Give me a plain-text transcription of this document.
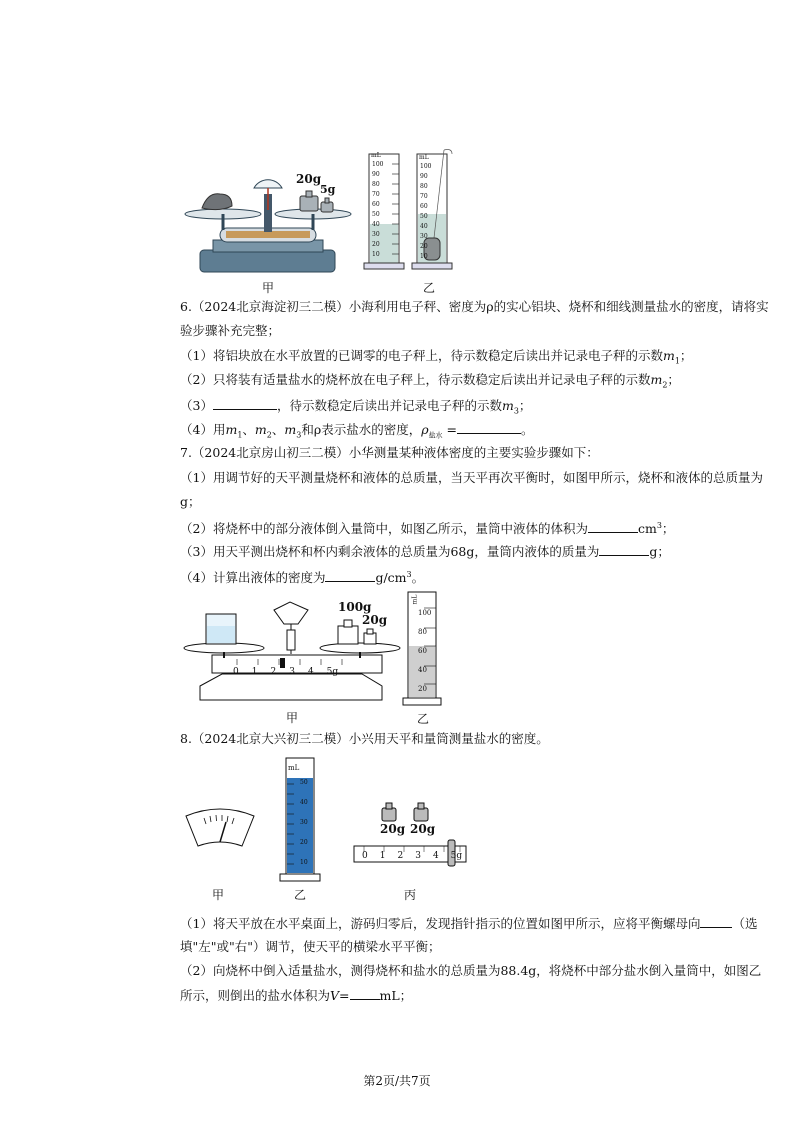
20g
5g
甲
mL
100
90
80
70
60
50
40
30
20
10
mL
100
90
80
70
60
50
40
30
20
10
乙
6.（2024北京海淀初三二模）小海利用电子秤、密度为ρ的实心铝块、烧杯和细线测量盐水的密度，请将实
验步骤补充完整；
（1）将铝块放在水平放置的已调零的电子秤上，待示数稳定后读出并记录电子秤的示数$m_1$；
（2）只将装有适量盐水的烧杯放在电子秤上，待示数稳定后读出并记录电子秤的示数$m_2$；
（3）	，待示数稳定后读出并记录电子秤的示数$m_3$；
（4）用$m_1$、$m_2$、$m_3$和ρ表示盐水的密度，$\rho_{盐水}$ =	。
7.（2024北京房山初三二模）小华测量某种液体密度的主要实验步骤如下：
（1）用调节好的天平测量烧杯和液体的总质量，当天平再次平衡时，如图甲所示，烧杯和液体的总质量为
g；
（2）将烧杯中的部分液体倒入量筒中，如图乙所示，量筒中液体的体积为	$cm^3$；
（3）用天平测出烧杯和杯内剩余液体的总质量为68g，量筒内液体的质量为	g；
（4）计算出液体的密度为	$g/cm^3$。
100g
20g
0 1 2 3 4 5g
甲
mL
100
80
60
40
20
乙
8.（2024北京大兴初三二模）小兴用天平和量筒测量盐水的密度。
甲
mL
50
40
30
20
10
乙
20g 20g
0 1 2 3 4 5g
丙
（1）将天平放在水平桌面上，游码归零后，发现指针指示的位置如图甲所示，应将平衡螺母向	（选
填"左"或"右"）调节，使天平的横梁水平平衡；
（2）向烧杯中倒入适量盐水，测得烧杯和盐水的总质量为88.4g，将烧杯中部分盐水倒入量筒中，如图乙
所示，则倒出的盐水体积为V= mL；
第2页/共7页
